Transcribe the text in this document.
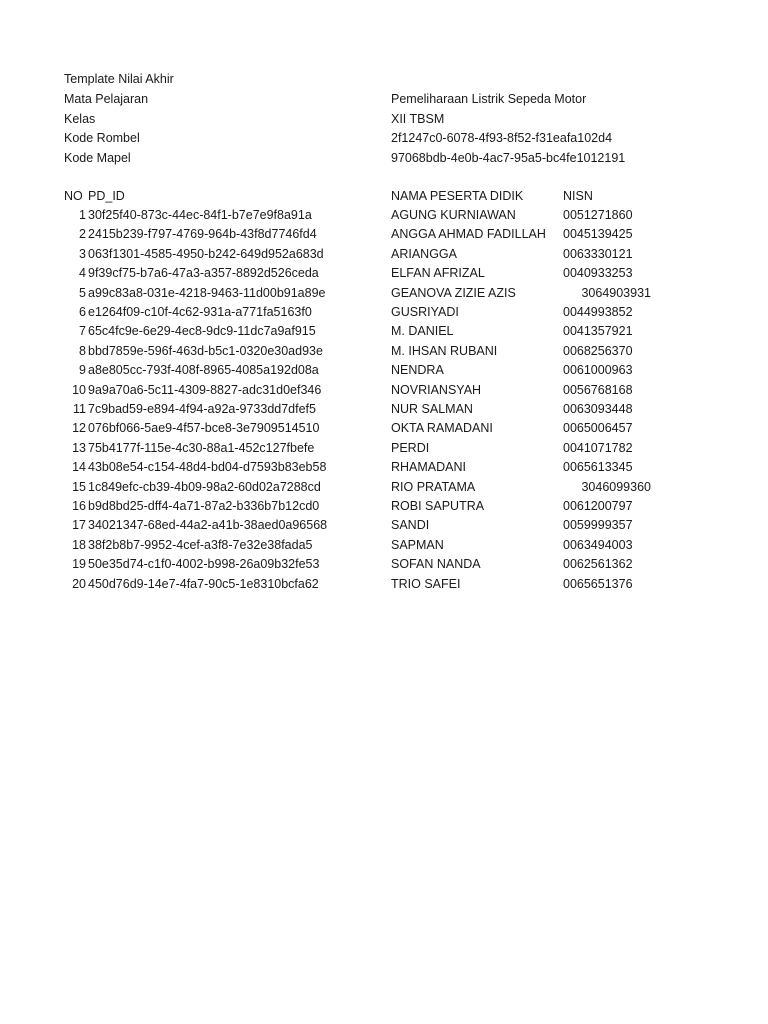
Template Nilai Akhir
Mata Pelajaran	Pemeliharaan Listrik Sepeda Motor
Kelas	XII TBSM
Kode Rombel	2f1247c0-6078-4f93-8f52-f31eafa102d4
Kode Mapel	97068bdb-4e0b-4ac7-95a5-bc4fe1012191
NO PD_ID	NAMA PESERTA DIDIK	NISN
1 30f25f40-873c-44ec-84f1-b7e7e9f8a91a	AGUNG KURNIAWAN	0051271860
2 2415b239-f797-4769-964b-43f8d7746fd4	ANGGA AHMAD FADILLAH	0045139425
3 063f1301-4585-4950-b242-649d952a683d	ARIANGGA	0063330121
4 9f39cf75-b7a6-47a3-a357-8892d526ceda	ELFAN AFRIZAL	0040933253
5 a99c83a8-031e-4218-9463-11d00b91a89e	GEANOVA ZIZIE AZIS	3064903931
6 e1264f09-c10f-4c62-931a-a771fa5163f0	GUSRIYADI	0044993852
7 65c4fc9e-6e29-4ec8-9dc9-11dc7a9af915	M. DANIEL	0041357921
8 bbd7859e-596f-463d-b5c1-0320e30ad93e	M. IHSAN RUBANI	0068256370
9 a8e805cc-793f-408f-8965-4085a192d08a	NENDRA	0061000963
10 9a9a70a6-5c11-4309-8827-adc31d0ef346	NOVRIANSYAH	0056768168
11 7c9bad59-e894-4f94-a92a-9733dd7dfef5	NUR SALMAN	0063093448
12 076bf066-5ae9-4f57-bce8-3e7909514510	OKTA RAMADANI	0065006457
13 75b4177f-115e-4c30-88a1-452c127fbefe	PERDI	0041071782
14 43b08e54-c154-48d4-bd04-d7593b83eb58	RHAMADANI	0065613345
15 1c849efc-cb39-4b09-98a2-60d02a7288cd	RIO PRATAMA	3046099360
16 b9d8bd25-dff4-4a71-87a2-b336b7b12cd0	ROBI SAPUTRA	0061200797
17 34021347-68ed-44a2-a41b-38aed0a96568	SANDI	0059999357
18 38f2b8b7-9952-4cef-a3f8-7e32e38fada5	SAPMAN	0063494003
19 50e35d74-c1f0-4002-b998-26a09b32fe53	SOFAN NANDA	0062561362
20 450d76d9-14e7-4fa7-90c5-1e8310bcfa62	TRIO SAFEI	0065651376
